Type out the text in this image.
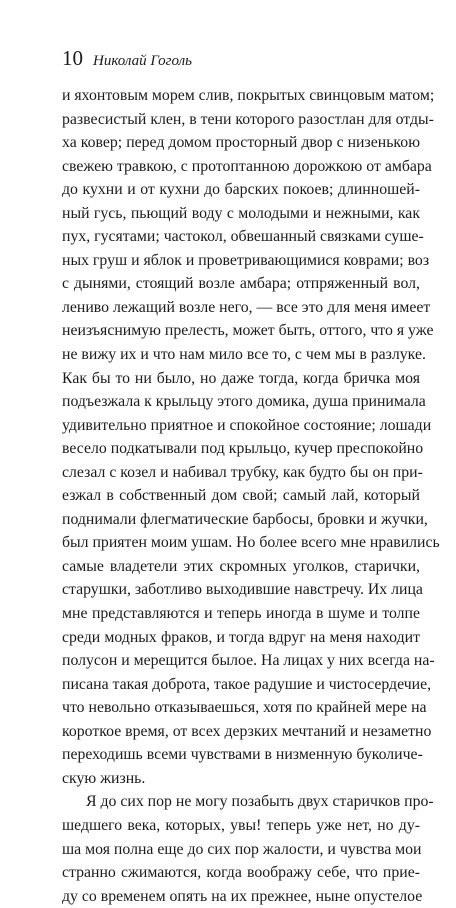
10 Николай Гоголь
и яхонтовым морем слив, покрытых свинцовым матом;
развесистый клен, в тени которого разостлан для отды-
ха ковер; перед домом просторный двор с низенькою
свежею травкою, с протоптанною дорожкою от амбара
до кухни и от кухни до барских покоев; длинношей-
ный гусь, пьющий воду с молодыми и нежными, как
пух, гусятами; частокол, обвешанный связками суше-
ных груш и яблок и проветривающимися коврами; воз
с дынями, стоящий возле амбара; отпряженный вол,
лениво лежащий возле него, — все это для меня имеет
неизъяснимую прелесть, может быть, оттого, что я уже
не вижу их и что нам мило все то, с чем мы в разлуке.
Как бы то ни было, но даже тогда, когда бричка моя
подъезжала к крыльцу этого домика, душа принимала
удивительно приятное и спокойное состояние; лошади
весело подкатывали под крыльцо, кучер преспокойно
слезал с козел и набивал трубку, как будто бы он при-
езжал в собственный дом свой; самый лай, который
поднимали флегматические барбосы, бровки и жучки,
был приятен моим ушам. Но более всего мне нравились
самые владетели этих скромных уголков, старички,
старушки, заботливо выходившие навстречу. Их лица
мне представляются и теперь иногда в шуме и толпе
среди модных фраков, и тогда вдруг на меня находит
полусон и мерещится былое. На лицах у них всегда на-
писана такая доброта, такое радушие и чистосердечие,
что невольно отказываешься, хотя по крайней мере на
короткое время, от всех дерзких мечтаний и незаметно
переходишь всеми чувствами в низменную буколиче-
скую жизнь.
Я до сих пор не могу позабыть двух старичков про-
шедшего века, которых, увы! теперь уже нет, но ду-
ша моя полна еще до сих пор жалости, и чувства мои
странно сжимаются, когда воображу себе, что прие-
ду со временем опять на их прежнее, ныне опустелое
